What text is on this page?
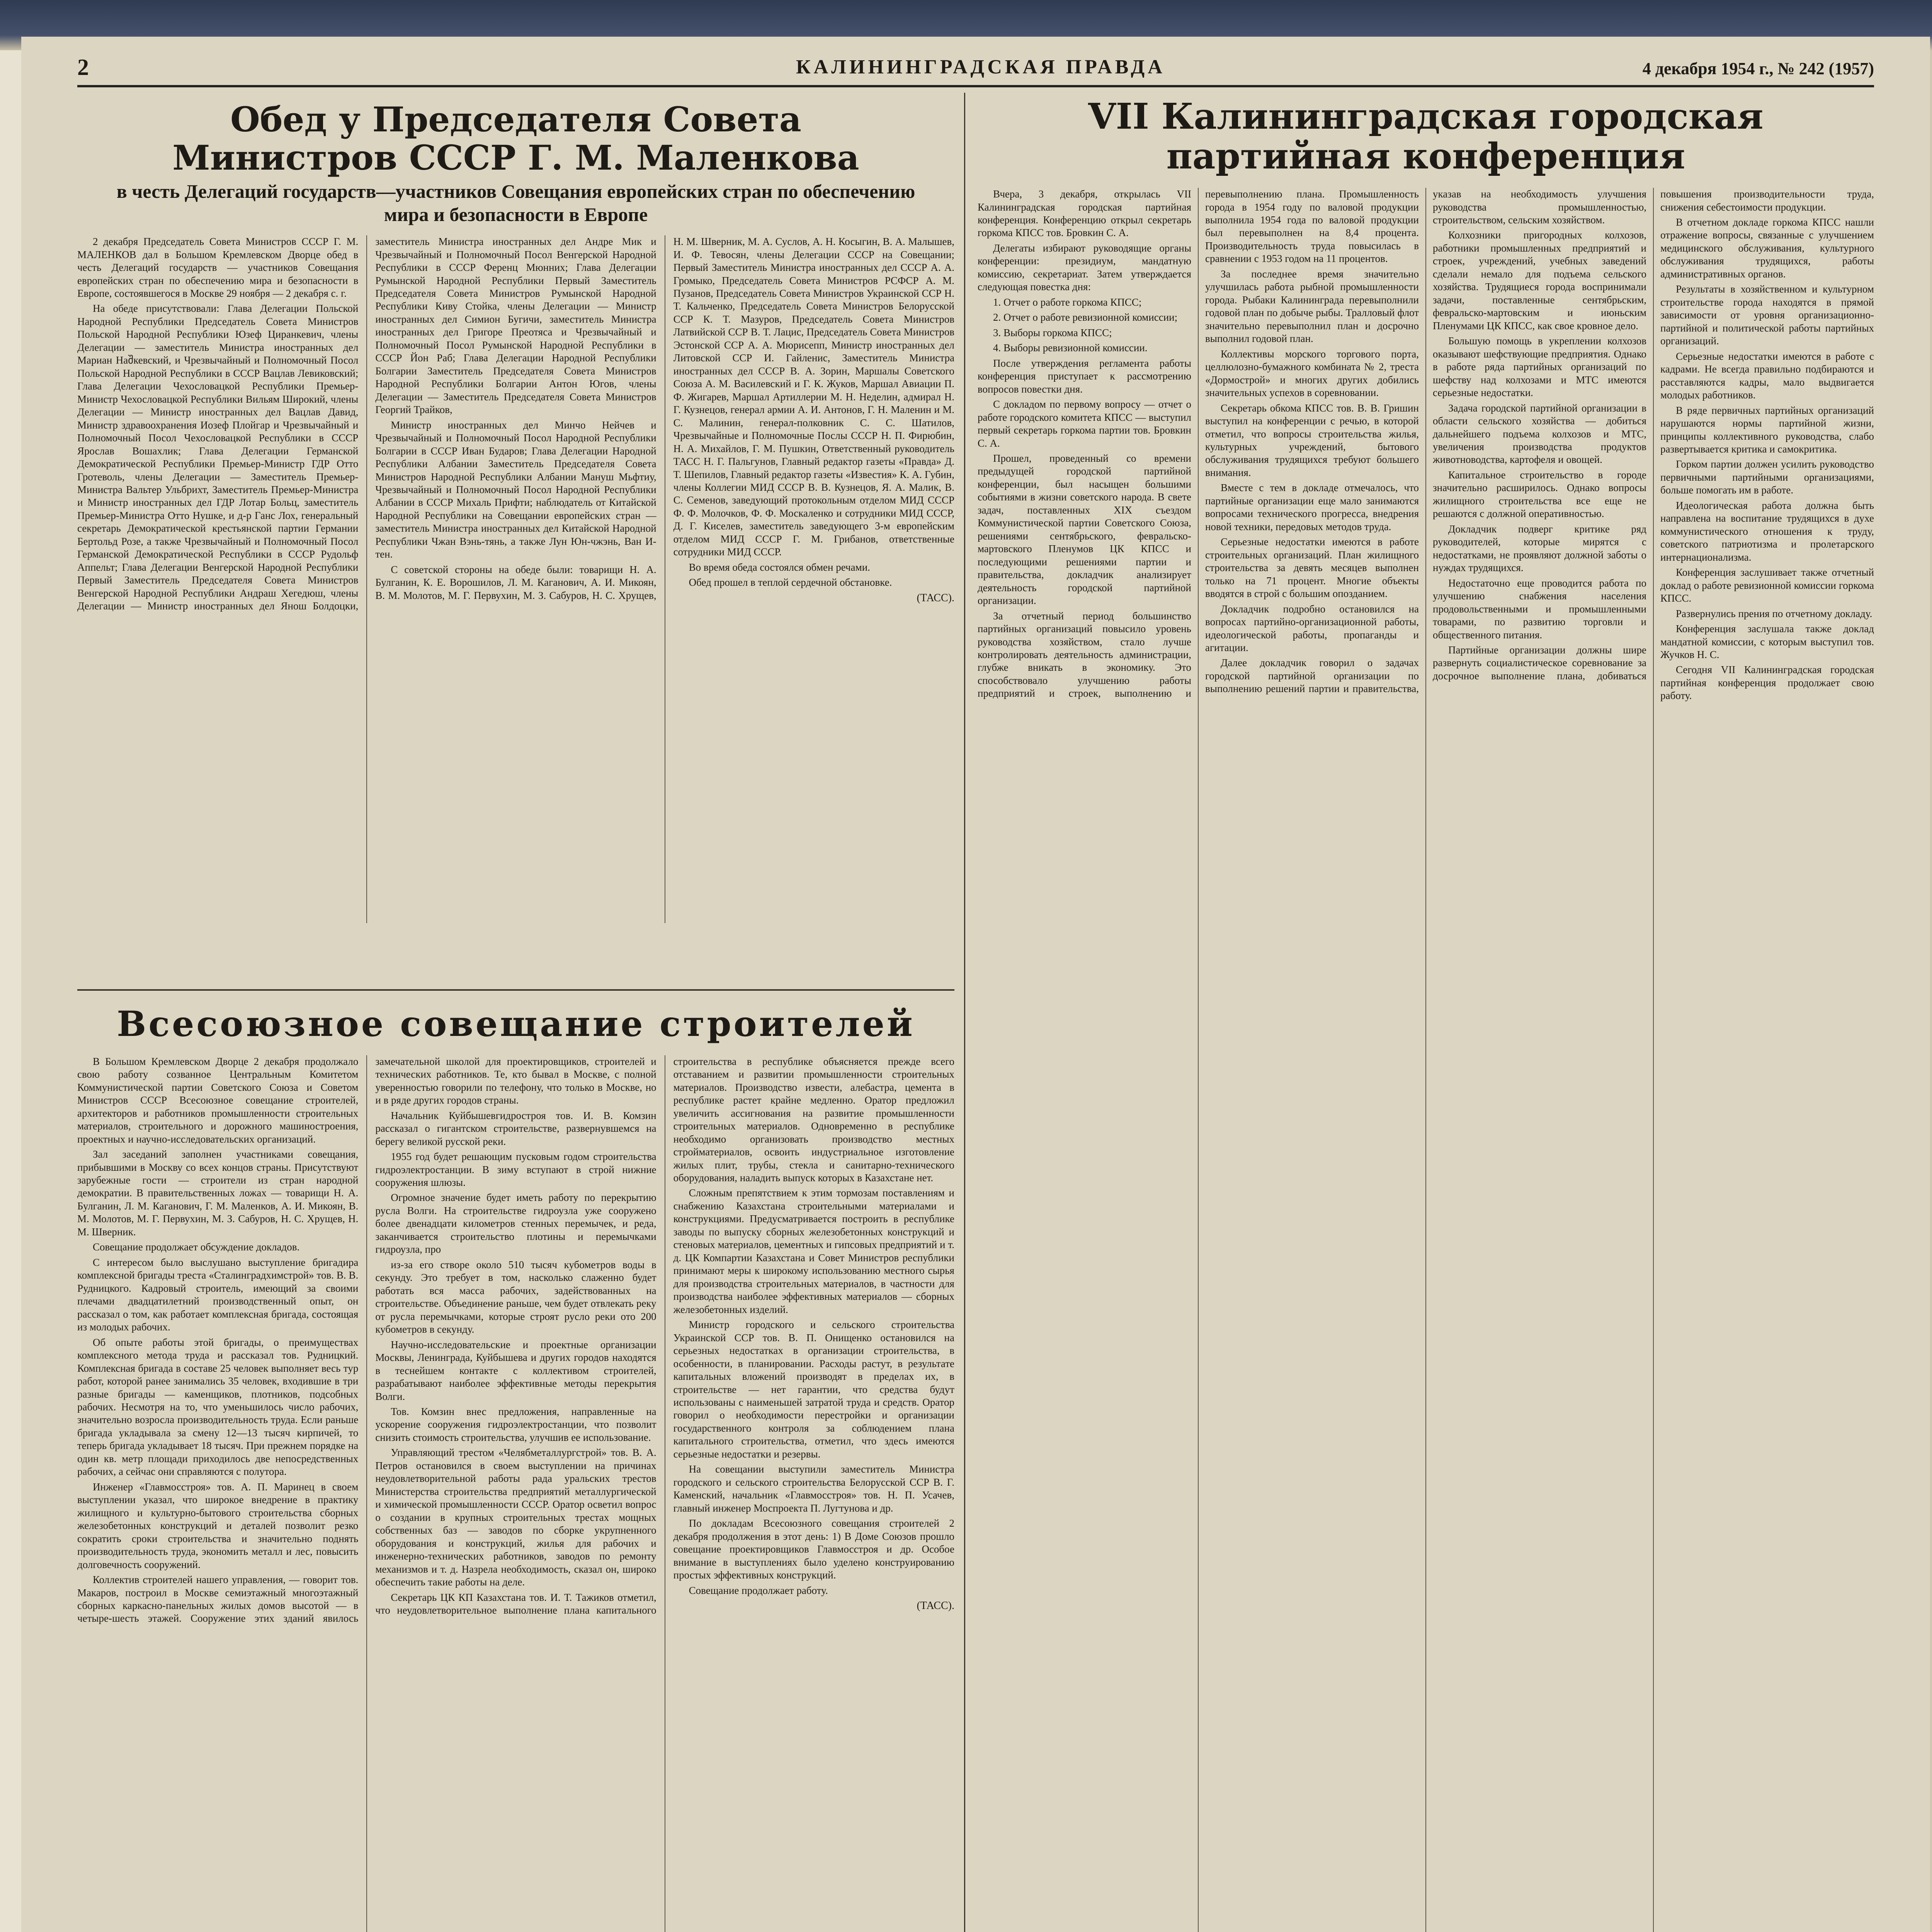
2	КАЛИНИНГРАДСКАЯ ПРАВДА	4 декабря 1954 г., № 242 (1957)
Обед у Председателя Совета Министров СССР Г. М. Маленкова
в честь Делегаций государств—участников Совещания европейских стран по обеспечению мира и безопасности в Европе

2 декабря Председатель Совета Министров СССР Г. М. МАЛЕНКОВ дал в Большом Кремлевском Дворце обед в честь Делегаций государств — участников Совещания европейских стран по обеспечению мира и безопасности в Европе, состоявшегося в Москве 29 ноября — 2 декабря с. г.

На обеде присутствовали: Глава Делегации Польской Народной Республики Председатель Совета Министров Польской Народной Республики Юзеф Циранкевич, члены Делегации — заместитель Министра иностранных дел Мариан Наშкевский, и Чрезвычайный и Полномочный Посол Польской Народной Республики в СССР Вацлав Левиковский; Глава Делегации Чехословацкой Республики Премьер-Министр Чехословацкой Республики Вильям Широкий, члены Делегации — Министр иностранных дел Вацлав Давид, Министр здравоохранения Иозеф Плойгар и Чрезвычайный и Полномочный Посол Чехословацкой Республики в СССР Ярослав Вошахлик; Глава Делегации Германской Демократической Республики Премьер-Министр ГДР Отто Гротеволь, члены Делегации — Заместитель Премьер-Министра Вальтер Ульбрихт, Заместитель Премьер-Министра и Министр иностранных дел ГДР Лотар Больц, заместитель Премьер-Министра Отто Нушке, и д-р Ганс Лох, генеральный секретарь Демократической крестьянской партии Германии Бертольд Розе, а также Чрезвычайный и Полномочный Посол Германской Демократической Республики в СССР Рудольф Аппельт; Глава Делегации Венгерской Народной Республики Первый Заместитель Председателя Совета Министров Венгерской Народной Республики Андраш Хегедюш, члены Делегации — Министр иностранных дел Янош Болдоцки, заместитель Министра иностранных дел Андре Мик и Чрезвычайный и Полномочный Посол Венгерской Народной Республики в СССР Ференц Мюнних; Глава Делегации Румынской Народной Республики Первый Заместитель Председателя Совета Министров Румынской Народной Республики Киву Стойка, члены Делегации — Министр иностранных дел Симион Бугичи, заместитель Министра иностранных дел Григоре Преотяса и Чрезвычайный и Полномочный Посол Румынской Народной Республики в СССР Йон Раб; Глава Делегации Народной Республики Болгарии Заместитель Председателя Совета Министров Народной Республики Болгарии Антон Югов, члены Делегации — Заместитель Председателя Совета Министров Георгий Трайков,

Министр иностранных дел Минчо Нейчев и Чрезвычайный и Полномочный Посол Народной Республики Болгарии в СССР Иван Бударов; Глава Делегации Народной Республики Албании Заместитель Председателя Совета Министров Народной Республики Албании Мануш Мьфтиу, Чрезвычайный и Полномочный Посол Народной Республики Албании в СССР Михаль Прифти; наблюдатель от Китайской Народной Республики на Совещании европейских стран — заместитель Министра иностранных дел Китайской Народной Республики Чжан Вэнь-тянь, а также Лун Юн-чжэнь, Ван И-тен.

С советской стороны на обеде были: товарищи Н. А. Булганин, К. Е. Ворошилов, Л. М. Каганович, А. И. Микоян, В. М. Молотов, М. Г. Первухин, М. З. Сабуров, Н. С. Хрущев, Н. М. Шверник, М. А. Суслов, А. Н. Косыгин, В. А. Малышев, И. Ф. Тевосян, члены Делегации СССР на Совещании; Первый Заместитель Министра иностранных дел СССР А. А. Громыко, Председатель Совета Министров РСФСР А. М. Пузанов, Председатель Совета Министров Украинской ССР Н. Т. Кальченко, Председатель Совета Министров Белорусской ССР К. Т. Мазуров, Председатель Совета Министров Латвийской ССР В. Т. Лацис, Председатель Совета Министров Эстонской ССР А. А. Мюрисепп, Министр иностранных дел Литовской ССР И. Гайленис, Заместитель Министра иностранных дел СССР В. А. Зорин, Маршалы Советского Союза А. М. Василевский и Г. К. Жуков, Маршал Авиации П. Ф. Жигарев, Маршал Артиллерии М. Н. Неделин, адмирал Н. Г. Кузнецов, генерал армии А. И. Антонов, Г. Н. Маленин и М. С. Малинин, генерал-полковник С. С. Шатилов, Чрезвычайные и Полномочные Послы СССР Н. П. Фирюбин, Н. А. Михайлов, Г. М. Пушкин, Ответственный руководитель ТАСС Н. Г. Пальгунов, Главный редактор газеты «Правда» Д. Т. Шепилов, Главный редактор газеты «Известия» К. А. Губин, члены Коллегии МИД СССР В. В. Кузнецов, Я. А. Малик, В. С. Семенов, заведующий протокольным отделом МИД СССР Ф. Ф. Молочков, Ф. Ф. Москаленко и сотрудники МИД СССР, Д. Г. Киселев, заместитель заведующего 3-м европейским отделом МИД СССР Г. М. Грибанов, ответственные сотрудники МИД СССР.

Во время обеда состоялся обмен речами.

Обед прошел в теплой сердечной обстановке.

(ТАСС).
Всесоюзное совещание строителей

В Большом Кремлевском Дворце 2 декабря продолжало свою работу созванное Центральным Комитетом Коммунистической партии Советского Союза и Советом Министров СССР Всесоюзное совещание строителей, архитекторов и работников промышленности строительных материалов, строительного и дорожного машиностроения, проектных и научно-исследовательских организаций.

Зал заседаний заполнен участниками совещания, прибывшими в Москву со всех концов страны. Присутствуют зарубежные гости — строители из стран народной демократии. В правительственных ложах — товарищи Н. А. Булганин, Л. М. Каганович, Г. М. Маленков, А. И. Микоян, В. М. Молотов, М. Г. Первухин, М. З. Сабуров, Н. С. Хрущев, Н. М. Шверник.

Совещание продолжает обсуждение докладов.

С интересом было выслушано выступление бригадира комплексной бригады треста «Сталинградхимстрой» тов. В. В. Рудницкого. Кадровый строитель, имеющий за своими плечами двадцатилетний производственный опыт, он рассказал о том, как работает комплексная бригада, состоящая из молодых рабочих.

Об опыте работы этой бригады, о преимуществах комплексного метода труда и рассказал тов. Рудницкий. Комплексная бригада в составе 25 человек выполняет весь тур работ, которой ранее занимались 35 человек, входившие в три разные бригады — каменщиков, плотников, подсобных рабочих. Несмотря на то, что уменьшилось число рабочих, значительно возросла производительность труда. Если раньше бригада укладывала за смену 12—13 тысяч кирпичей, то теперь бригада укладывает 18 тысяч. При прежнем порядке на один кв. метр площади приходилось две непосредственных рабочих, а сейчас они справляются с полутора.

Инженер «Главмосстроя» тов. А. П. Маринец в своем выступлении указал, что широкое внедрение в практику жилищного и культурно-бытового строительства сборных железобетонных конструкций и деталей позволит резко сократить сроки строительства и значительно поднять производительность труда, экономить металл и лес, повысить долговечность сооружений.

Коллектив строителей нашего управления, — говорит тов. Макаров, построил в Москве семиэтажный многоэтажный сборных каркасно-панельных жилых домов высотой — в четыре-шесть этажей. Сооружение этих зданий явилось замечательной школой для проектировщиков, строителей и технических работников. Те, кто бывал в Москве, с полной уверенностью говорили по телефону, что только в Москве, но и в ряде других городов страны.

Начальник Куйбышевгидростроя тов. И. В. Комзин рассказал о гигантском строительстве, развернувшемся на берегу великой русской реки.

1955 год будет решающим пусковым годом строительства гидроэлектростанции. В зиму вступают в строй нижние сооружения шлюзы.

Огромное значение будет иметь работу по перекрытию русла Волги. На строительстве гидроузла уже сооружено более двенадцати километров стенных перемычек, и реда, заканчивается строительство плотины и перемычками гидроузла, про

из-за его створе около 510 тысяч кубометров воды в секунду. Это требует в том, насколько слаженно будет работать вся масса рабочих, задействованных на строительстве. Объединение раньше, чем будет отвлекать реку от русла перемычками, которые строят русло реки ото 200 кубометров в секунду.

Научно-исследовательские и проектные организации Москвы, Ленинграда, Куйбышева и других городов находятся в теснейшем контакте с коллективом строителей, разрабатывают наиболее эффективные методы перекрытия Волги.

Тов. Комзин внес предложения, направленные на ускорение сооружения гидроэлектростанции, что позволит снизить стоимость строительства, улучшив ее использование.

Управляющий трестом «Челябметаллургстрой» тов. В. А. Петров остановился в своем выступлении на причинах неудовлетворительной работы рада уральских трестов Министерства строительства предприятий металлургической и химической промышленности СССР. Оратор осветил вопрос о создании в крупных строительных трестах мощных собственных баз — заводов по сборке укрупненного оборудования и конструкций, жилья для рабочих и инженерно-технических работников, заводов по ремонту механизмов и т. д. Назрела необходимость, сказал он, широко обеспечить такие работы на деле.

Секретарь ЦК КП Казахстана тов. И. Т. Тажиков отметил, что неудовлетворительное выполнение плана капитального строительства в республике объясняется прежде всего отставанием и развитии промышленности строительных материалов. Производство извести, алебастра, цемента в республике растет крайне медленно. Оратор предложил увеличить ассигнования на развитие промышленности строительных материалов. Одновременно в республике необходимо организовать производство местных стройматериалов, освоить индустриальное изготовление жилых плит, трубы, стекла и санитарно-технического оборудования, наладить выпуск которых в Казахстане нет.

Сложным препятствием к этим тормозам поставлениям и снабжению Казахстана строительными материалами и конструкциями. Предусматривается построить в республике заводы по выпуску сборных железобетонных конструкций и стеновых материалов, цементных и гипсовых предприятий и т. д. ЦК Компартии Казахстана и Совет Министров республики принимают меры к широкому использованию местного сырья для производства строительных материалов, в частности для производства наиболее эффективных материалов — сборных железобетонных изделий.

Министр городского и сельского строительства Украинской ССР тов. В. П. Онищенко остановился на серьезных недостатках в организации строительства, в особенности, в планировании. Расходы растут, в результате капитальных вложений производят в пределах их, в строительстве — нет гарантии, что средства будут использованы с наименьшей затратой труда и средств. Оратор говорил о необходимости перестройки и организации государственного контроля за соблюдением плана капитального строительства, отметил, что здесь имеются серьезные недостатки и резервы.

На совещании выступили заместитель Министра городского и сельского строительства Белорусской ССР В. Г. Каменский, начальник «Главмосстроя» тов. Н. П. Усачев, главный инженер Моспроекта П. Лугтунова и др.

По докладам Всесоюзного совещания строителей 2 декабря продолжения в этот день: 1) В Доме Союзов прошло совещание проектировщиков Главмосстроя и др. Особое внимание в выступлениях было уделено конструированию простых эффективных конструкций.

Совещание продолжает работу.

(ТАСС).

VII Калининградская городская партийная конференция

Вчера, 3 декабря, открылась VII Калининградская городская партийная конференция. Конференцию открыл секретарь горкома КПСС тов. Бровкин С. А.

Делегаты избирают руководящие органы конференции: президиум, мандатную комиссию, секретариат. Затем утверждается следующая повестка дня:

1. Отчет о работе горкома КПСС;

2. Отчет о работе ревизионной комиссии;

3. Выборы горкома КПСС;

4. Выборы ревизионной комиссии.

После утверждения регламента работы конференция приступает к рассмотрению вопросов повестки дня.

С докладом по первому вопросу — отчет о работе городского комитета КПСС — выступил первый секретарь горкома партии тов. Бровкин С. А.

Прошел, проведенный со времени предыдущей городской партийной конференции, был насыщен большими событиями в жизни советского народа. В свете задач, поставленных XIX съездом Коммунистической партии Советского Союза, решениями сентябрьского, февральско-мартовского Пленумов ЦК КПСС и последующими решениями партии и правительства, докладчик анализирует деятельность городской партийной организации.

За отчетный период большинство партийных организаций повысило уровень руководства хозяйством, стало лучше контролировать деятельность администрации, глубже вникать в экономику. Это способствовало улучшению работы предприятий и строек, выполнению и перевыполнению плана. Промышленность города в 1954 году по валовой продукции выполнила 1954 года по валовой продукции был перевыполнен на 8,4 процента. Производительность труда повысилась в сравнении с 1953 годом на 11 процентов.

За последнее время значительно улучшилась работа рыбной промышленности города. Рыбаки Калининграда перевыполнили годовой план по добыче рыбы. Тралловый флот значительно перевыполнил план и досрочно выполнил годовой план.

Коллективы морского торгового порта, целлюлозно-бумажного комбината № 2, треста «Дормострой» и многих других добились значительных успехов в соревновании.

Секретарь обкома КПСС тов. В. В. Гришин выступил на конференции с речью, в которой отметил, что вопросы строительства жилья, культурных учреждений, бытового обслуживания трудящихся требуют большего внимания.

Вместе с тем в докладе отмечалось, что партийные организации еще мало занимаются вопросами технического прогресса, внедрения новой техники, передовых методов труда.

Серьезные недостатки имеются в работе строительных организаций. План жилищного строительства за девять месяцев выполнен только на 71 процент. Многие объекты вводятся в строй с большим опозданием.

Докладчик подробно остановился на вопросах партийно-организационной работы, идеологической работы, пропаганды и агитации.

Далее докладчик говорил о задачах городской партийной организации по выполнению решений партии и правительства, указав на необходимость улучшения руководства промышленностью, строительством, сельским хозяйством.

Колхозники пригородных колхозов, работники промышленных предприятий и строек, учреждений, учебных заведений сделали немало для подъема сельского хозяйства. Трудящиеся города воспринимали задачи, поставленные сентябрьским, февральско-мартовским и июньским Пленумами ЦК КПСС, как свое кровное дело.

Большую помощь в укреплении колхозов оказывают шефствующие предприятия. Однако в работе ряда партийных организаций по шефству над колхозами и МТС имеются серьезные недостатки.

Задача городской партийной организации в области сельского хозяйства — добиться дальнейшего подъема колхозов и МТС, увеличения производства продуктов животноводства, картофеля и овощей.

Капитальное строительство в городе значительно расширилось. Однако вопросы жилищного строительства все еще не решаются с должной оперативностью.

Докладчик подверг критике ряд руководителей, которые мирятся с недостатками, не проявляют должной заботы о нуждах трудящихся.

Недостаточно еще проводится работа по улучшению снабжения населения продовольственными и промышленными товарами, по развитию торговли и общественного питания.

Партийные организации должны шире развернуть социалистическое соревнование за досрочное выполнение плана, добиваться повышения производительности труда, снижения себестоимости продукции.

В отчетном докладе горкома КПСС нашли отражение вопросы, связанные с улучшением медицинского обслуживания, культурного обслуживания трудящихся, работы административных органов.

Результаты в хозяйственном и культурном строительстве города находятся в прямой зависимости от уровня организационно-партийной и политической работы партийных организаций.

Серьезные недостатки имеются в работе с кадрами. Не всегда правильно подбираются и расставляются кадры, мало выдвигается молодых работников.

В ряде первичных партийных организаций нарушаются нормы партийной жизни, принципы коллективного руководства, слабо развертывается критика и самокритика.

Горком партии должен усилить руководство первичными партийными организациями, больше помогать им в работе.

Идеологическая работа должна быть направлена на воспитание трудящихся в духе коммунистического отношения к труду, советского патриотизма и пролетарского интернационализма.

Конференция заслушивает также отчетный доклад о работе ревизионной комиссии горкома КПСС.

Развернулись прения по отчетному докладу.

Конференция заслушала также доклад мандатной комиссии, с которым выступил тов. Жучков Н. С.

Сегодня VII Калининградская городская партийная конференция продолжает свою работу.
